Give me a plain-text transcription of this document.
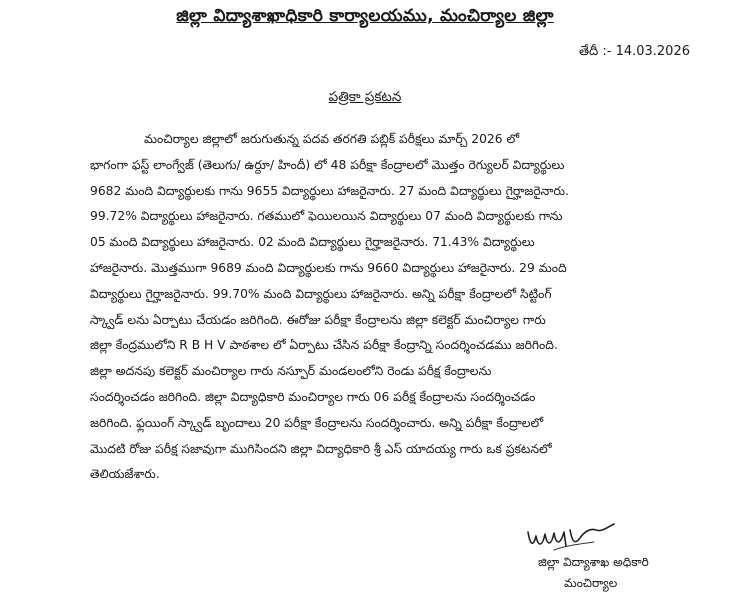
జిల్లా విద్యాశాఖాధికారి కార్యాలయము, మంచిర్యాల జిల్లా
తేదీ :- 14.03.2026
పత్రికా ప్రకటన
మంచిర్యాల జిల్లాలో జరుగుతున్న పదవ తరగతి పబ్లిక్ పరీక్షలు మార్చ్ 2026 లో
భాగంగా ఫస్ట్ లాంగ్వేజ్ (తెలుగు/ ఉర్దూ/ హిందీ) లో 48 పరీక్షా కేంద్రాలలో మొత్తం రెగ్యులర్ విద్యార్థులు
9682 మంది విద్యార్థులకు గాను 9655 విద్యార్థులు హాజరైనారు. 27 మంది విద్యార్థులు గైర్హాజరైనారు.
99.72% విద్యార్థులు హాజరైనారు. గతములో ఫెయిలయిన విద్యార్థులు 07 మంది విద్యార్థులకు గాను
05 మంది విద్యార్థులు హాజరైనారు. 02 మంది విద్యార్థులు గైర్హాజరైనారు. 71.43% విద్యార్థులు
హాజరైనారు. మొత్తముగా 9689 మంది విద్యార్థులకు గాను 9660 విద్యార్థులు హాజరైనారు. 29 మంది
విద్యార్థులు గైర్హాజరైనారు. 99.70% మంది విద్యార్థులు హాజరైనారు. అన్ని పరీక్షా కేంద్రాలలో సిట్టింగ్
స్క్వాడ్ లను ఏర్పాటు చేయడం జరిగింది. ఈరోజు పరీక్షా కేంద్రాలను జిల్లా కలెక్టర్ మంచిర్యాల గారు
జిల్లా కేంద్రములోని R B H V పాఠశాల లో ఏర్పాటు చేసిన పరీక్షా కేంద్రాన్ని సందర్శించడము జరిగింది.
జిల్లా అదనపు కలెక్టర్ మంచిర్యాల గారు నస్పూర్ మండలంలోని రెండు పరీక్ష కేంద్రాలను
సందర్శించడం జరిగింది. జిల్లా విద్యాధికారి మంచిర్యాల గారు 06 పరీక్ష కేంద్రాలను సందర్శించడం
జరిగింది. ఫ్లయింగ్ స్క్వాడ్ బృందాలు 20 పరీక్షా కేంద్రాలను సందర్శించారు. అన్ని పరీక్షా కేంద్రాలలో
మొదటి రోజు పరీక్ష సజావుగా ముగిసిందని జిల్లా విద్యాధికారి శ్రీ ఎస్ యాదయ్య గారు ఒక ప్రకటనలో
తెలియజేశారు.
జిల్లా విద్యాశాఖ అధికారి
మంచిర్యాల
